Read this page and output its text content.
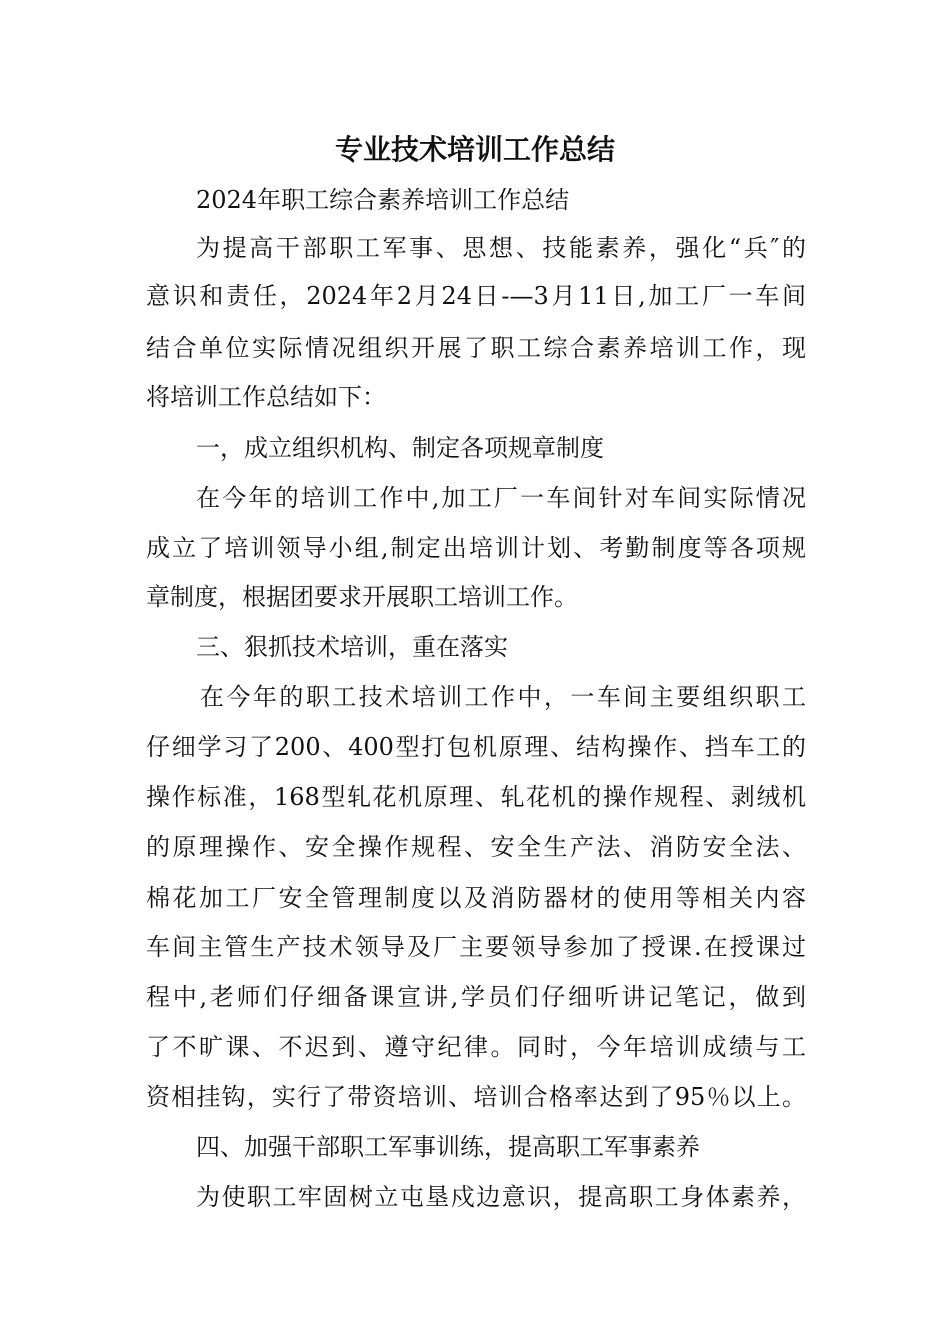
专业技术培训工作总结
2024年职工综合素养培训工作总结
为提高干部职工军事、思想、技能素养，强化“兵″的
意识和责任，2024年2月24日-—3月11日,加工厂一车间
结合单位实际情况组织开展了职工综合素养培训工作，现
将培训工作总结如下：
一，成立组织机构、制定各项规章制度
在今年的培训工作中,加工厂一车间针对车间实际情况
成立了培训领导小组,制定出培训计划、考勤制度等各项规
章制度，根据团要求开展职工培训工作。
三、狠抓技术培训，重在落实
在今年的职工技术培训工作中，一车间主要组织职工
仔细学习了200、400型打包机原理、结构操作、挡车工的
操作标准，168型轧花机原理、轧花机的操作规程、剥绒机
的原理操作、安全操作规程、安全生产法、消防安全法、
棉花加工厂安全管理制度以及消防器材的使用等相关内容
车间主管生产技术领导及厂主要领导参加了授课.在授课过
程中,老师们仔细备课宣讲,学员们仔细听讲记笔记，做到
了不旷课、不迟到、遵守纪律。同时，今年培训成绩与工
资相挂钩，实行了带资培训、培训合格率达到了95％以上。
四、加强干部职工军事训练，提高职工军事素养
为使职工牢固树立屯垦戍边意识，提高职工身体素养，
